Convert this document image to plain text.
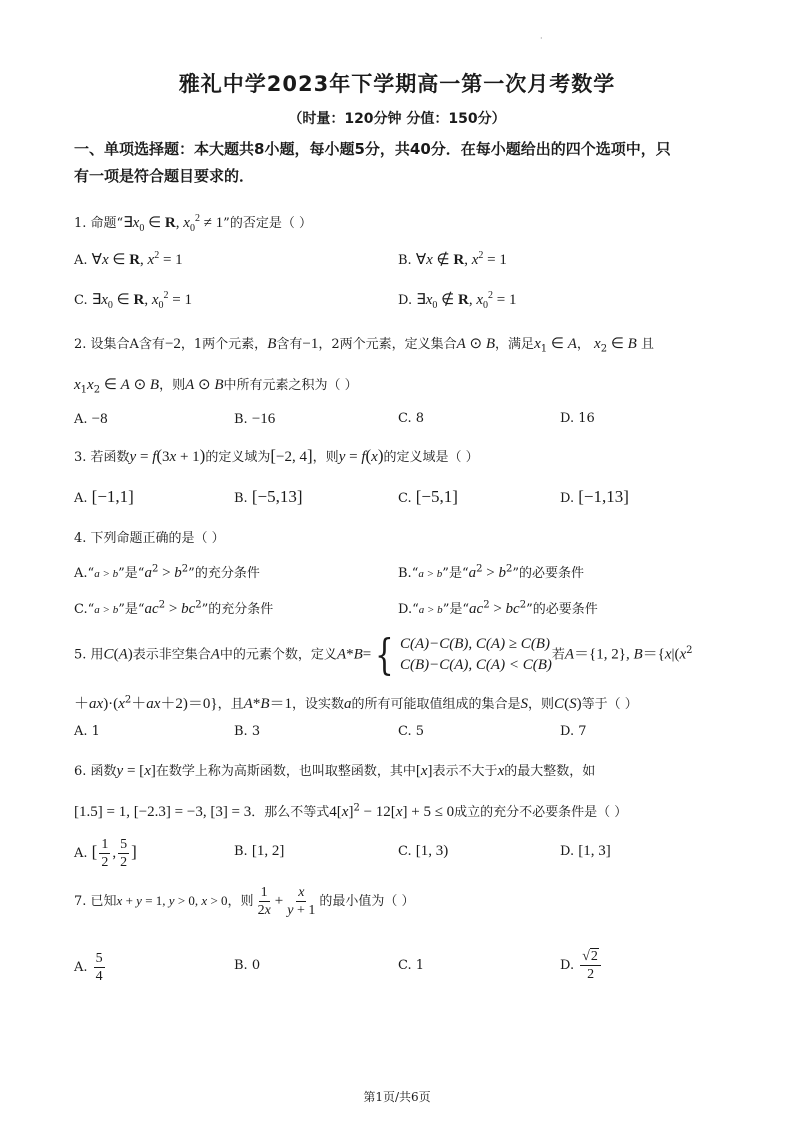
·
雅礼中学2023年下学期高一第一次月考数学
（时量：120分钟 分值：150分）
一、单项选择题：本大题共8小题，每小题5分，共40分．在每小题给出的四个选项中，只
有一项是符合题目要求的．
1. 命题“$\exists x_0$ ∈ R, $x_0^2 \ne 1$”的否定是（ ）
A. ∀x ∈ R, $x^2 = 1$	B. ∀x ∉ R, $x^2 = 1$
C. $\exists x_0$ ∈ R, $x_0^2 = 1$	D. $\exists x_0$ ∉ R, $x_0^2 = 1$
2. 设集合A含有−2，1两个元素，B含有−1，2两个元素，定义集合A ⊙ B，满足$x_1$ ∈ A， $x_2$ ∈ B 且
$x_1x_2$ ∈ A ⊙ B，则A ⊙ B中所有元素之积为（ ）
A. −8	B. −16	C. 8	D. 16
3. 若函数y = f(3x + 1)的定义域为[−2, 4]，则y = f(x)的定义域是（ ）
A. [−1,1]	B. [−5,13]	C. [−5,1]	D. [−1,13]
4. 下列命题正确的是（ ）
A.“a > b”是“$a^2 > b^2$”的充分条件	B.“a > b”是“$a^2 > b^2$”的必要条件
C.“a > b”是“$ac^2 > bc^2$”的充分条件	D.“a > b”是“$ac^2 > bc^2$”的必要条件
5. 用C(A)表示非空集合A中的元素个数，定义A*B= { C(A)−C(B), C(A) ≥ C(B)
C(B)−C(A), C(A) < C(B)
若A＝{1, 2}, $B=\{x|(x^2$
$+ax)\cdot(x^2+ax+2)=0$}，且A*B＝1，设实数a的所有可能取值组成的集合是S，则C(S)等于（ ）
A. 1	B. 3	C. 5	D. 7
6. 函数y = [x]在数学上称为高斯函数，也叫取整函数，其中[x]表示不大于x的最大整数，如
[1.5] = 1, [−2.3] = −3, [3] = 3．那么不等式$4[x]^2 - 12[x] + 5 \le 0$成立的充分不必要条件是（ ）
A. [ $\frac{1}{2}$ , $\frac{5}{2}$ ]	B. [1, 2]	C. [1, 3)	D. [1, 3]
7. 已知x + y = 1, y > 0, x > 0，则 $\frac{1}{2x} + \frac{x}{y + 1}$ 的最小值为（ ）
A. $\frac{5}{4}$	B. 0	C. 1	D. $\frac{√2}{2}$
第1页/共6页
